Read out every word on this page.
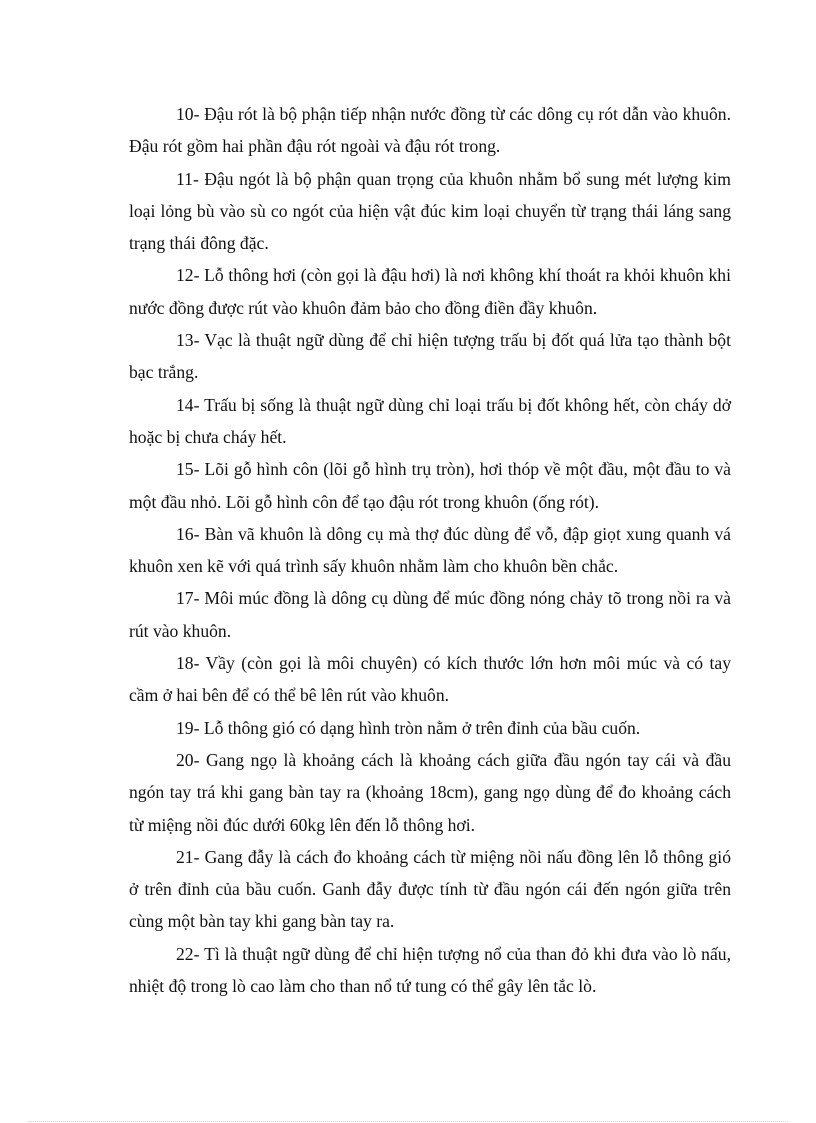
10- Đậu rót là bộ phận tiếp nhận nước đồng từ các dông cụ rót dẫn vào khuôn. Đậu rót gồm hai phần đậu rót ngoài và đậu rót trong.

11- Đậu ngót là bộ phận quan trọng của khuôn nhằm bổ sung mét lượng kim loại lỏng bù vào sù co ngót của hiện vật đúc kim loại chuyển từ trạng thái láng sang trạng thái đông đặc.

12- Lỗ thông hơi (còn gọi là đậu hơi) là nơi không khí thoát ra khỏi khuôn khi nước đồng được rút vào khuôn đảm bảo cho đồng điền đầy khuôn.

13- Vạc là thuật ngữ dùng để chỉ hiện tượng trấu bị đốt quá lửa tạo thành bột bạc trắng.

14- Trấu bị sống là thuật ngữ dùng chỉ loại trấu bị đốt không hết, còn cháy dở hoặc bị chưa cháy hết.

15- Lõi gỗ hình côn (lõi gỗ hình trụ tròn), hơi thóp về một đầu, một đầu to và một đầu nhỏ. Lõi gỗ hình côn để tạo đậu rót trong khuôn (ống rót).

16- Bàn vã khuôn là dông cụ mà thợ đúc dùng để vỗ, đập giọt xung quanh vá khuôn xen kẽ với quá trình sấy khuôn nhằm làm cho khuôn bền chắc.

17- Môi múc đồng là dông cụ dùng để múc đồng nóng chảy tõ trong nồi ra và rút vào khuôn.

18- Vầy (còn gọi là môi chuyên) có kích thước lớn hơn môi múc và có tay cầm ở hai bên để có thể bê lên rút vào khuôn.

19- Lỗ thông gió có dạng hình tròn nằm ở trên đỉnh của bầu cuốn.

20- Gang ngọ là khoảng cách là khoảng cách giữa đầu ngón tay cái và đầu ngón tay trá khi gang bàn tay ra (khoảng 18cm), gang ngọ dùng để đo khoảng cách từ miệng nồi đúc dưới 60kg lên đến lỗ thông hơi.

21- Gang đẫy là cách đo khoảng cách từ miệng nồi nấu đồng lên lỗ thông gió ở trên đỉnh của bầu cuốn. Ganh đẫy được tính từ đầu ngón cái đến ngón giữa trên cùng một bàn tay khi gang bàn tay ra.

22- Tì là thuật ngữ dùng để chỉ hiện tượng nổ của than đỏ khi đưa vào lò nấu, nhiệt độ trong lò cao làm cho than nổ tứ tung có thể gây lên tắc lò.
